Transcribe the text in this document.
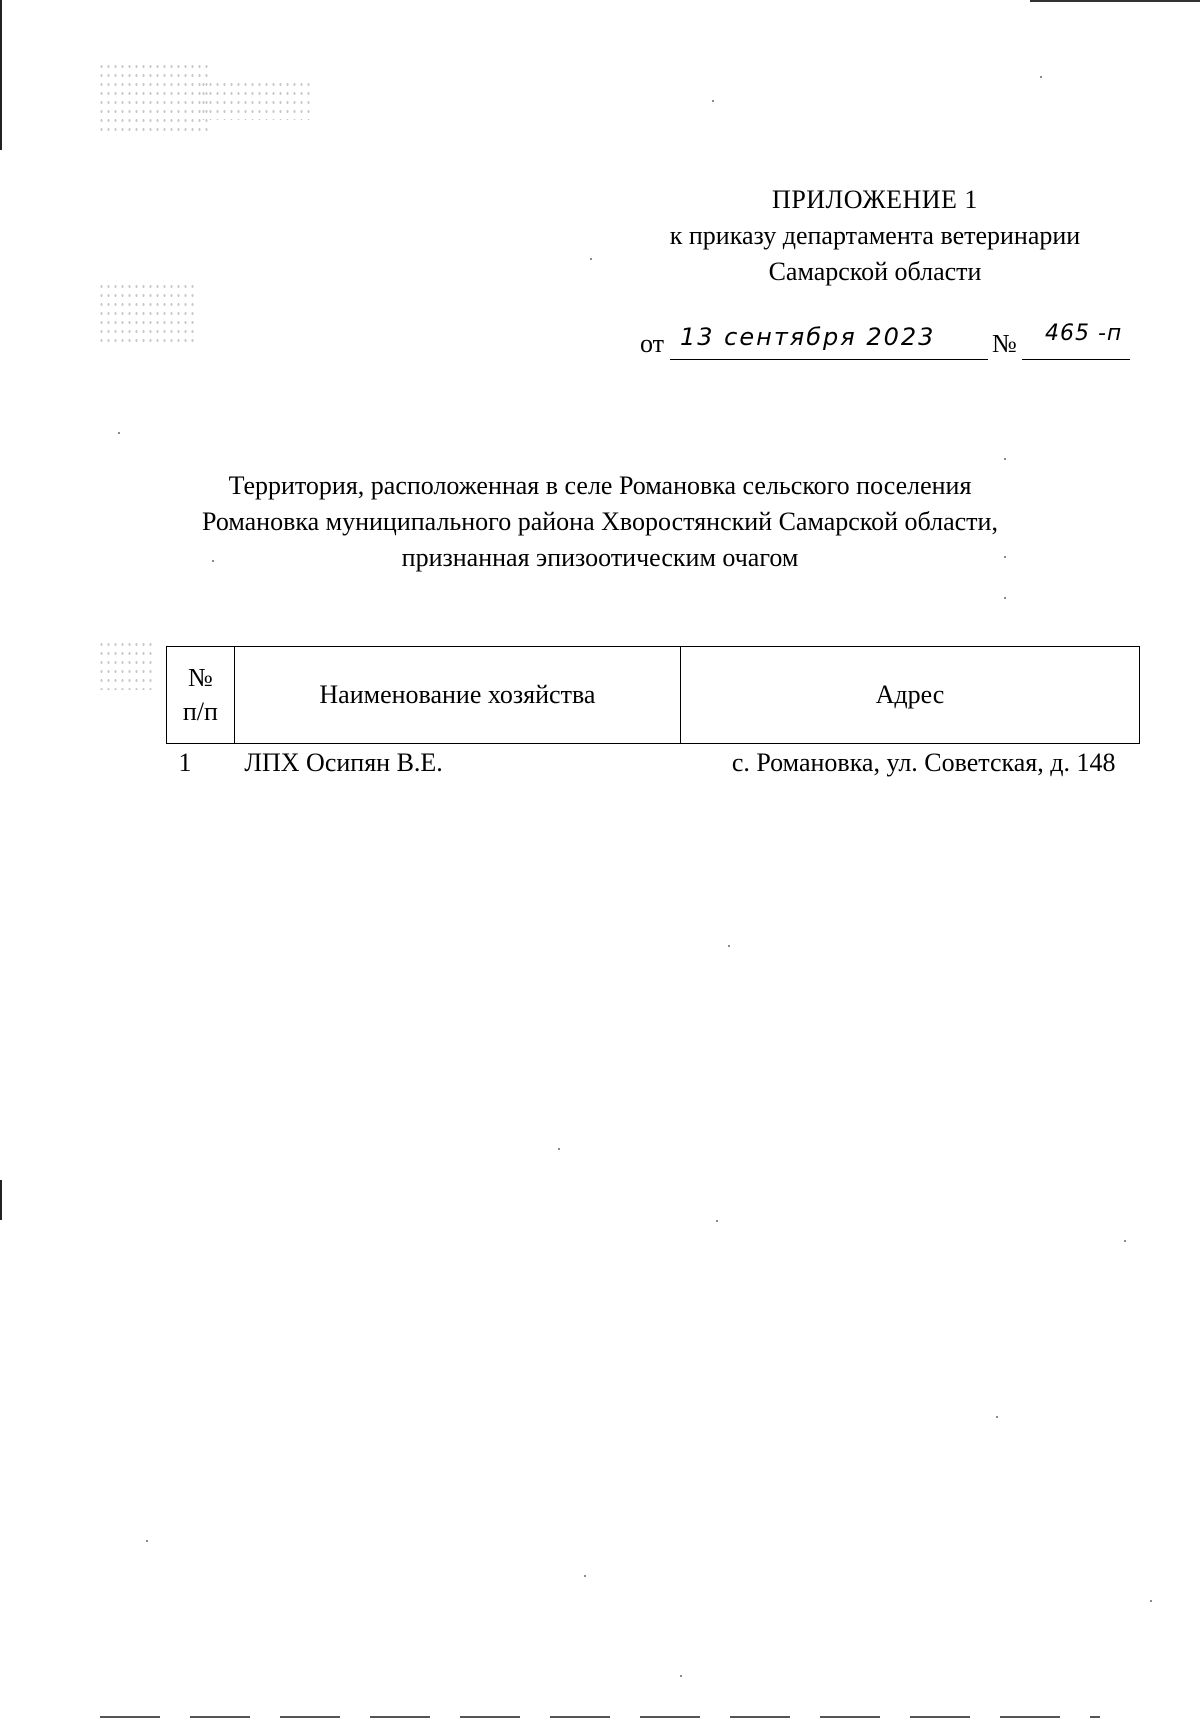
ПРИЛОЖЕНИЕ 1
к приказу департамента ветеринарии
Самарской области
от 13 сентября 2023 № 465 -п
Территория, расположенная в селе Романовка сельского поселения
Романовка муниципального района Хворостянский Самарской области,
признанная эпизоотическим очагом
№
п/п	Наименование хозяйства	Адрес
1	ЛПХ Осипян В.Е.	с. Романовка, ул. Советская, д. 148
